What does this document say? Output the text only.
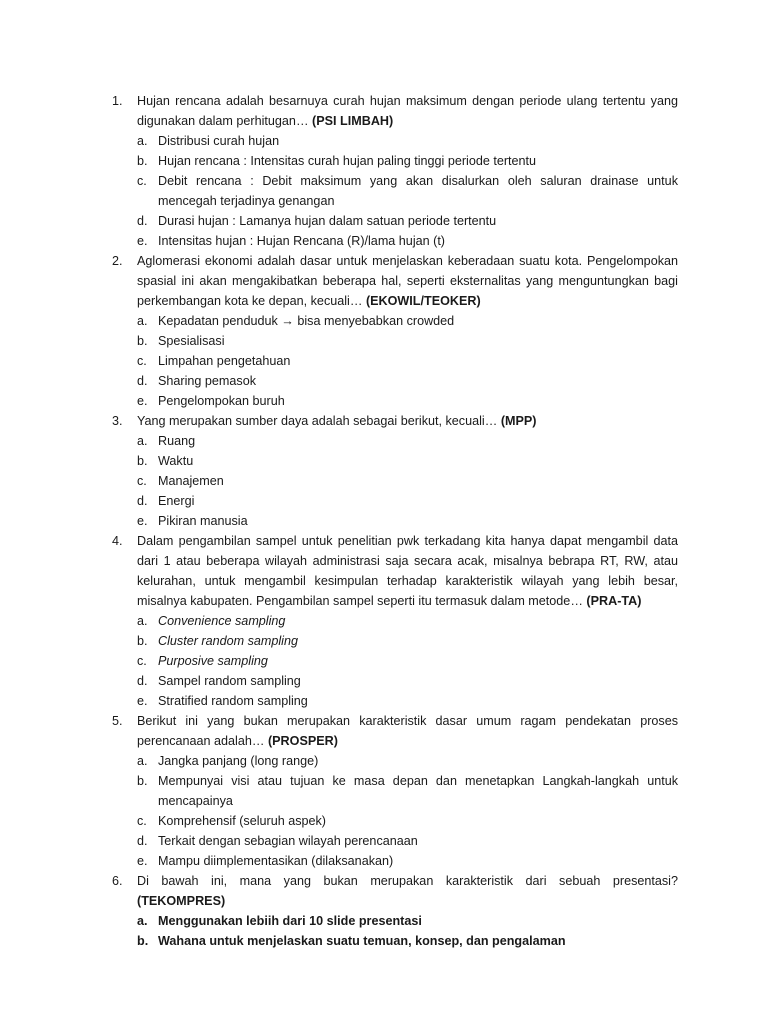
1. Hujan rencana adalah besarnuya curah hujan maksimum dengan periode ulang tertentu yang digunakan dalam perhitugan… (PSI LIMBAH)
a. Distribusi curah hujan
b. Hujan rencana : Intensitas curah hujan paling tinggi periode tertentu
c. Debit rencana : Debit maksimum yang akan disalurkan oleh saluran drainase untuk mencegah terjadinya genangan
d. Durasi hujan : Lamanya hujan dalam satuan periode tertentu
e. Intensitas hujan : Hujan Rencana (R)/lama hujan (t)
2. Aglomerasi ekonomi adalah dasar untuk menjelaskan keberadaan suatu kota. Pengelompokan spasial ini akan mengakibatkan beberapa hal, seperti eksternalitas yang menguntungkan bagi perkembangan kota ke depan, kecuali… (EKOWIL/TEOKER)
a. Kepadatan penduduk → bisa menyebabkan crowded
b. Spesialisasi
c. Limpahan pengetahuan
d. Sharing pemasok
e. Pengelompokan buruh
3. Yang merupakan sumber daya adalah sebagai berikut, kecuali… (MPP)
a. Ruang
b. Waktu
c. Manajemen
d. Energi
e. Pikiran manusia
4. Dalam pengambilan sampel untuk penelitian pwk terkadang kita hanya dapat mengambil data dari 1 atau beberapa wilayah administrasi saja secara acak, misalnya bebrapa RT, RW, atau kelurahan, untuk mengambil kesimpulan terhadap karakteristik wilayah yang lebih besar, misalnya kabupaten. Pengambilan sampel seperti itu termasuk dalam metode… (PRA-TA)
a. Convenience sampling
b. Cluster random sampling
c. Purposive sampling
d. Sampel random sampling
e. Stratified random sampling
5. Berikut ini yang bukan merupakan karakteristik dasar umum ragam pendekatan proses perencanaan adalah… (PROSPER)
a. Jangka panjang (long range)
b. Mempunyai visi atau tujuan ke masa depan dan menetapkan Langkah-langkah untuk mencapainya
c. Komprehensif (seluruh aspek)
d. Terkait dengan sebagian wilayah perencanaan
e. Mampu diimplementasikan (dilaksanakan)
6. Di bawah ini, mana yang bukan merupakan karakteristik dari sebuah presentasi? (TEKOMPRES)
a. Menggunakan lebiih dari 10 slide presentasi
b. Wahana untuk menjelaskan suatu temuan, konsep, dan pengalaman
